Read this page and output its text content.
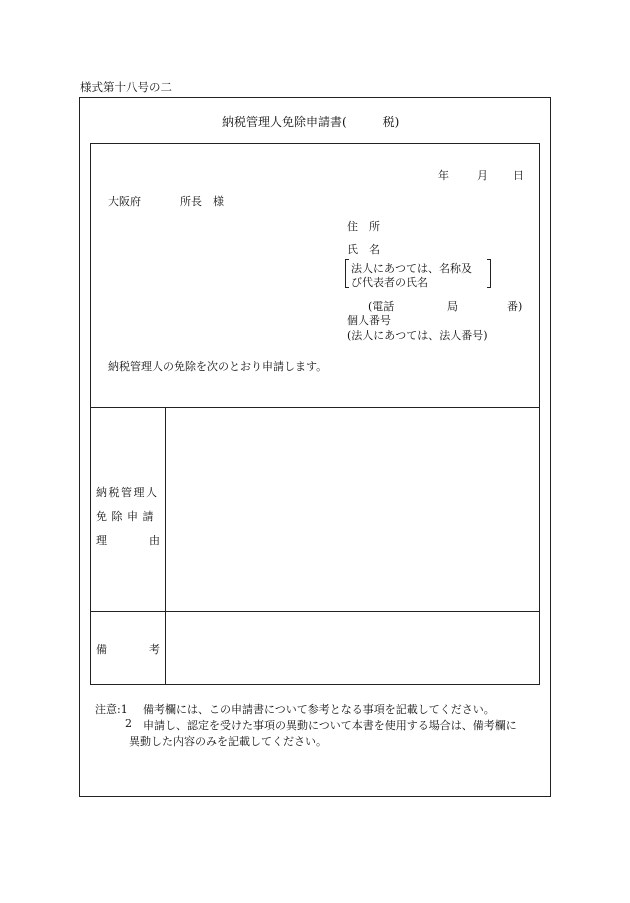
様式第十八号の二
納税管理人免除申請書(　　　税)
年	月 日
大阪府	所長　様
住　所
氏　名
法人にあつては、名称及
び代表者の氏名
(電話	局	番)
個人番号
(法人にあつては、法人番号)
納税管理人の免除を次のとおり申請します。
納税管理人
免除申請
理	由
備	考
注意:1 備考欄には、この申請書について参考となる事項を記載してください。
2 申請し、認定を受けた事項の異動について本書を使用する場合は、備考欄に
異動した内容のみを記載してください。
